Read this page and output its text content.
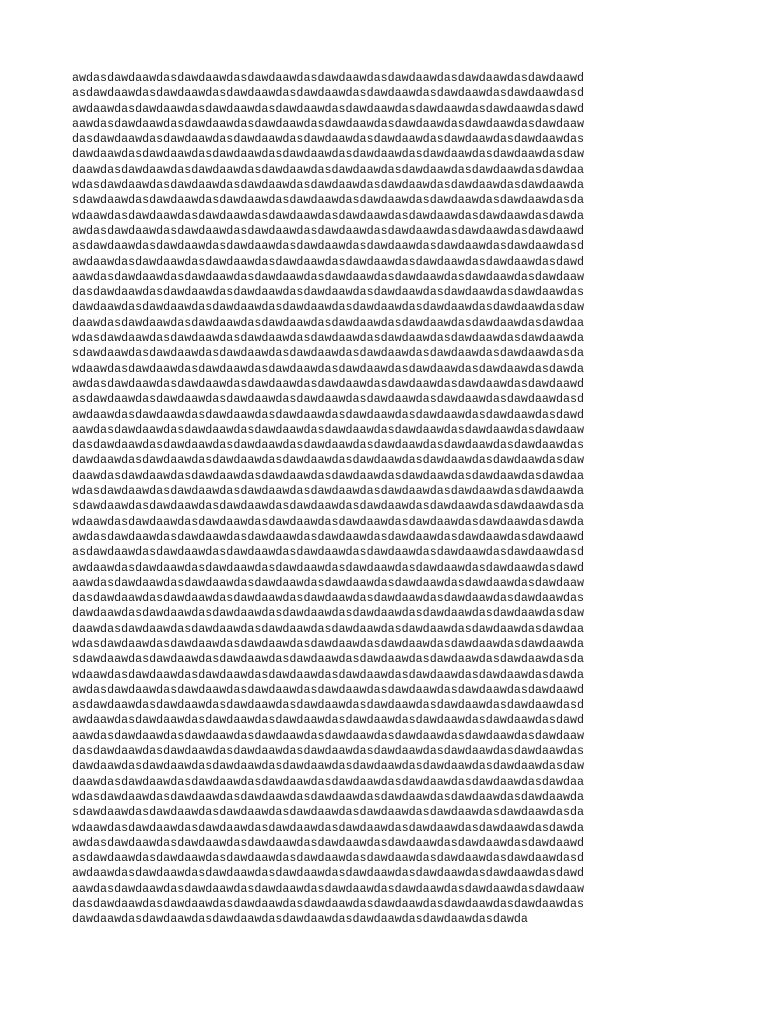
awdasdawdaawdasdawdaawdasdawdaawdasdawdaawdasdawdaawdasdawdaawdasdawdaawd
asdawdaawdasdawdaawdasdawdaawdasdawdaawdasdawdaawdasdawdaawdasdawdaawdasd
awdaawdasdawdaawdasdawdaawdasdawdaawdasdawdaawdasdawdaawdasdawdaawdasdawd
aawdasdawdaawdasdawdaawdasdawdaawdasdawdaawdasdawdaawdasdawdaawdasdawdaaw
dasdawdaawdasdawdaawdasdawdaawdasdawdaawdasdawdaawdasdawdaawdasdawdaawdas
dawdaawdasdawdaawdasdawdaawdasdawdaawdasdawdaawdasdawdaawdasdawdaawdasdaw
daawdasdawdaawdasdawdaawdasdawdaawdasdawdaawdasdawdaawdasdawdaawdasdawdaa
wdasdawdaawdasdawdaawdasdawdaawdasdawdaawdasdawdaawdasdawdaawdasdawdaawda
sdawdaawdasdawdaawdasdawdaawdasdawdaawdasdawdaawdasdawdaawdasdawdaawdasda
wdaawdasdawdaawdasdawdaawdasdawdaawdasdawdaawdasdawdaawdasdawdaawdasdawda
awdasdawdaawdasdawdaawdasdawdaawdasdawdaawdasdawdaawdasdawdaawdasdawdaawd
asdawdaawdasdawdaawdasdawdaawdasdawdaawdasdawdaawdasdawdaawdasdawdaawdasd
awdaawdasdawdaawdasdawdaawdasdawdaawdasdawdaawdasdawdaawdasdawdaawdasdawd
aawdasdawdaawdasdawdaawdasdawdaawdasdawdaawdasdawdaawdasdawdaawdasdawdaaw
dasdawdaawdasdawdaawdasdawdaawdasdawdaawdasdawdaawdasdawdaawdasdawdaawdas
dawdaawdasdawdaawdasdawdaawdasdawdaawdasdawdaawdasdawdaawdasdawdaawdasdaw
daawdasdawdaawdasdawdaawdasdawdaawdasdawdaawdasdawdaawdasdawdaawdasdawdaa
wdasdawdaawdasdawdaawdasdawdaawdasdawdaawdasdawdaawdasdawdaawdasdawdaawda
sdawdaawdasdawdaawdasdawdaawdasdawdaawdasdawdaawdasdawdaawdasdawdaawdasda
wdaawdasdawdaawdasdawdaawdasdawdaawdasdawdaawdasdawdaawdasdawdaawdasdawda
awdasdawdaawdasdawdaawdasdawdaawdasdawdaawdasdawdaawdasdawdaawdasdawdaawd
asdawdaawdasdawdaawdasdawdaawdasdawdaawdasdawdaawdasdawdaawdasdawdaawdasd
awdaawdasdawdaawdasdawdaawdasdawdaawdasdawdaawdasdawdaawdasdawdaawdasdawd
aawdasdawdaawdasdawdaawdasdawdaawdasdawdaawdasdawdaawdasdawdaawdasdawdaaw
dasdawdaawdasdawdaawdasdawdaawdasdawdaawdasdawdaawdasdawdaawdasdawdaawdas
dawdaawdasdawdaawdasdawdaawdasdawdaawdasdawdaawdasdawdaawdasdawdaawdasdaw
daawdasdawdaawdasdawdaawdasdawdaawdasdawdaawdasdawdaawdasdawdaawdasdawdaa
wdasdawdaawdasdawdaawdasdawdaawdasdawdaawdasdawdaawdasdawdaawdasdawdaawda
sdawdaawdasdawdaawdasdawdaawdasdawdaawdasdawdaawdasdawdaawdasdawdaawdasda
wdaawdasdawdaawdasdawdaawdasdawdaawdasdawdaawdasdawdaawdasdawdaawdasdawda
awdasdawdaawdasdawdaawdasdawdaawdasdawdaawdasdawdaawdasdawdaawdasdawdaawd
asdawdaawdasdawdaawdasdawdaawdasdawdaawdasdawdaawdasdawdaawdasdawdaawdasd
awdaawdasdawdaawdasdawdaawdasdawdaawdasdawdaawdasdawdaawdasdawdaawdasdawd
aawdasdawdaawdasdawdaawdasdawdaawdasdawdaawdasdawdaawdasdawdaawdasdawdaaw
dasdawdaawdasdawdaawdasdawdaawdasdawdaawdasdawdaawdasdawdaawdasdawdaawdas
dawdaawdasdawdaawdasdawdaawdasdawdaawdasdawdaawdasdawdaawdasdawdaawdasdaw
daawdasdawdaawdasdawdaawdasdawdaawdasdawdaawdasdawdaawdasdawdaawdasdawdaa
wdasdawdaawdasdawdaawdasdawdaawdasdawdaawdasdawdaawdasdawdaawdasdawdaawda
sdawdaawdasdawdaawdasdawdaawdasdawdaawdasdawdaawdasdawdaawdasdawdaawdasda
wdaawdasdawdaawdasdawdaawdasdawdaawdasdawdaawdasdawdaawdasdawdaawdasdawda
awdasdawdaawdasdawdaawdasdawdaawdasdawdaawdasdawdaawdasdawdaawdasdawdaawd
asdawdaawdasdawdaawdasdawdaawdasdawdaawdasdawdaawdasdawdaawdasdawdaawdasd
awdaawdasdawdaawdasdawdaawdasdawdaawdasdawdaawdasdawdaawdasdawdaawdasdawd
aawdasdawdaawdasdawdaawdasdawdaawdasdawdaawdasdawdaawdasdawdaawdasdawdaaw
dasdawdaawdasdawdaawdasdawdaawdasdawdaawdasdawdaawdasdawdaawdasdawdaawdas
dawdaawdasdawdaawdasdawdaawdasdawdaawdasdawdaawdasdawdaawdasdawdaawdasdaw
daawdasdawdaawdasdawdaawdasdawdaawdasdawdaawdasdawdaawdasdawdaawdasdawdaa
wdasdawdaawdasdawdaawdasdawdaawdasdawdaawdasdawdaawdasdawdaawdasdawdaawda
sdawdaawdasdawdaawdasdawdaawdasdawdaawdasdawdaawdasdawdaawdasdawdaawdasda
wdaawdasdawdaawdasdawdaawdasdawdaawdasdawdaawdasdawdaawdasdawdaawdasdawda
awdasdawdaawdasdawdaawdasdawdaawdasdawdaawdasdawdaawdasdawdaawdasdawdaawd
asdawdaawdasdawdaawdasdawdaawdasdawdaawdasdawdaawdasdawdaawdasdawdaawdasd
awdaawdasdawdaawdasdawdaawdasdawdaawdasdawdaawdasdawdaawdasdawdaawdasdawd
aawdasdawdaawdasdawdaawdasdawdaawdasdawdaawdasdawdaawdasdawdaawdasdawdaaw
dasdawdaawdasdawdaawdasdawdaawdasdawdaawdasdawdaawdasdawdaawdasdawdaawdas
dawdaawdasdawdaawdasdawdaawdasdawdaawdasdawdaawdasdawdaawdasdawda
